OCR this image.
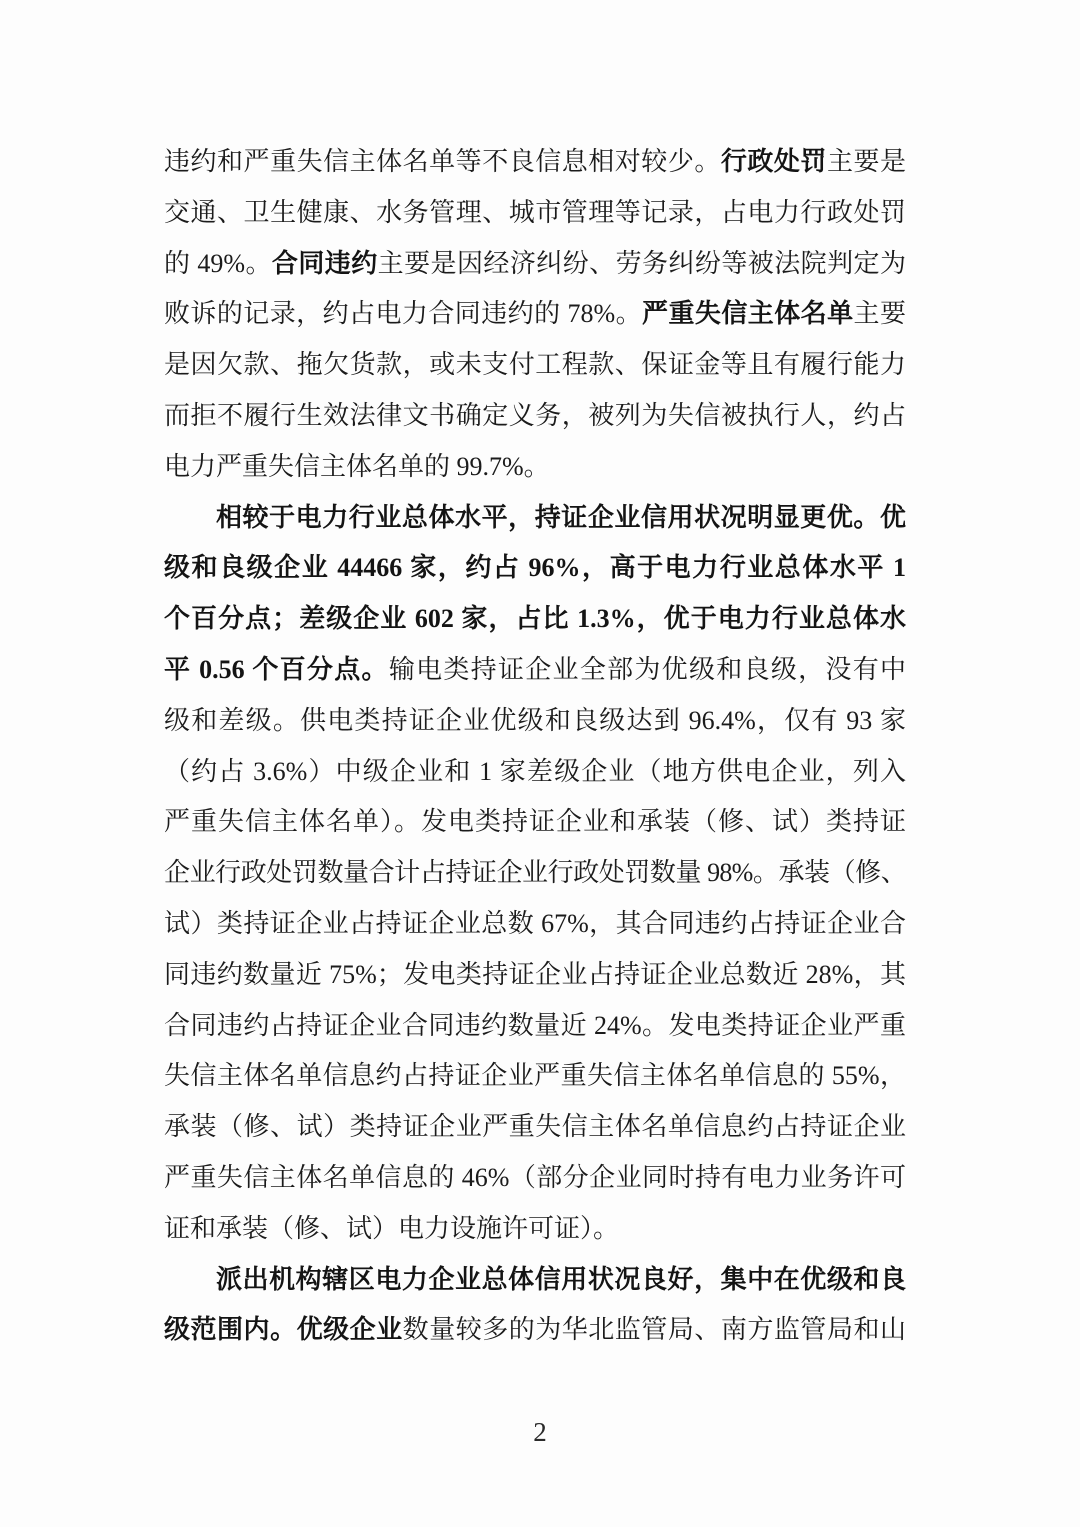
违约和严重失信主体名单等不良信息相对较少。行政处罚主要是
交通、卫生健康、水务管理、城市管理等记录，占电力行政处罚
的 49%。合同违约主要是因经济纠纷、劳务纠纷等被法院判定为
败诉的记录，约占电力合同违约的 78%。严重失信主体名单主要
是因欠款、拖欠货款，或未支付工程款、保证金等且有履行能力
而拒不履行生效法律文书确定义务，被列为失信被执行人，约占
电力严重失信主体名单的 99.7%。
相较于电力行业总体水平，持证企业信用状况明显更优。优
级和良级企业 44466 家，约占 96%，高于电力行业总体水平 1
个百分点；差级企业 602 家，占比 1.3%，优于电力行业总体水
平 0.56 个百分点。输电类持证企业全部为优级和良级，没有中
级和差级。供电类持证企业优级和良级达到 96.4%，仅有 93 家
（约占 3.6%）中级企业和 1 家差级企业（地方供电企业，列入
严重失信主体名单）。发电类持证企业和承装（修、试）类持证
企业行政处罚数量合计占持证企业行政处罚数量 98%。承装（修、
试）类持证企业占持证企业总数 67%，其合同违约占持证企业合
同违约数量近 75%；发电类持证企业占持证企业总数近 28%，其
合同违约占持证企业合同违约数量近 24%。发电类持证企业严重
失信主体名单信息约占持证企业严重失信主体名单信息的 55%，
承装（修、试）类持证企业严重失信主体名单信息约占持证企业
严重失信主体名单信息的 46%（部分企业同时持有电力业务许可
证和承装（修、试）电力设施许可证）。
派出机构辖区电力企业总体信用状况良好，集中在优级和良
级范围内。优级企业数量较多的为华北监管局、南方监管局和山
2
